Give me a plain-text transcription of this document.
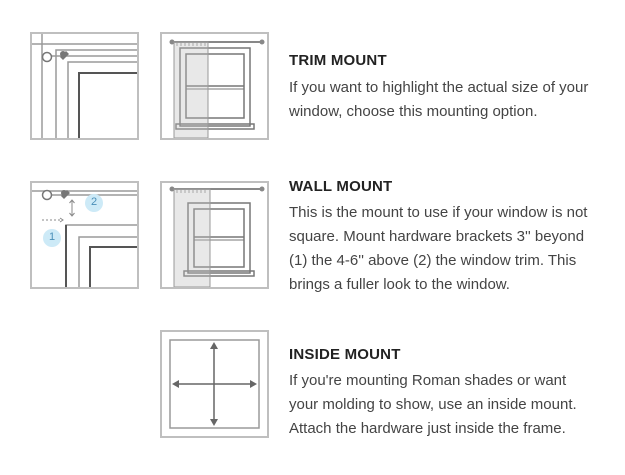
TRIM MOUNT

If you want to highlight the actual size of your window, choose this mounting option.

2
1
WALL MOUNT

This is the mount to use if your window is not square. Mount hardware brackets 3'' beyond (1) the 4-6'' above (2) the window trim. This brings a fuller look to the window.

INSIDE MOUNT

If you're mounting Roman shades or want your molding to show, use an inside mount. Attach the hardware just inside the frame.
